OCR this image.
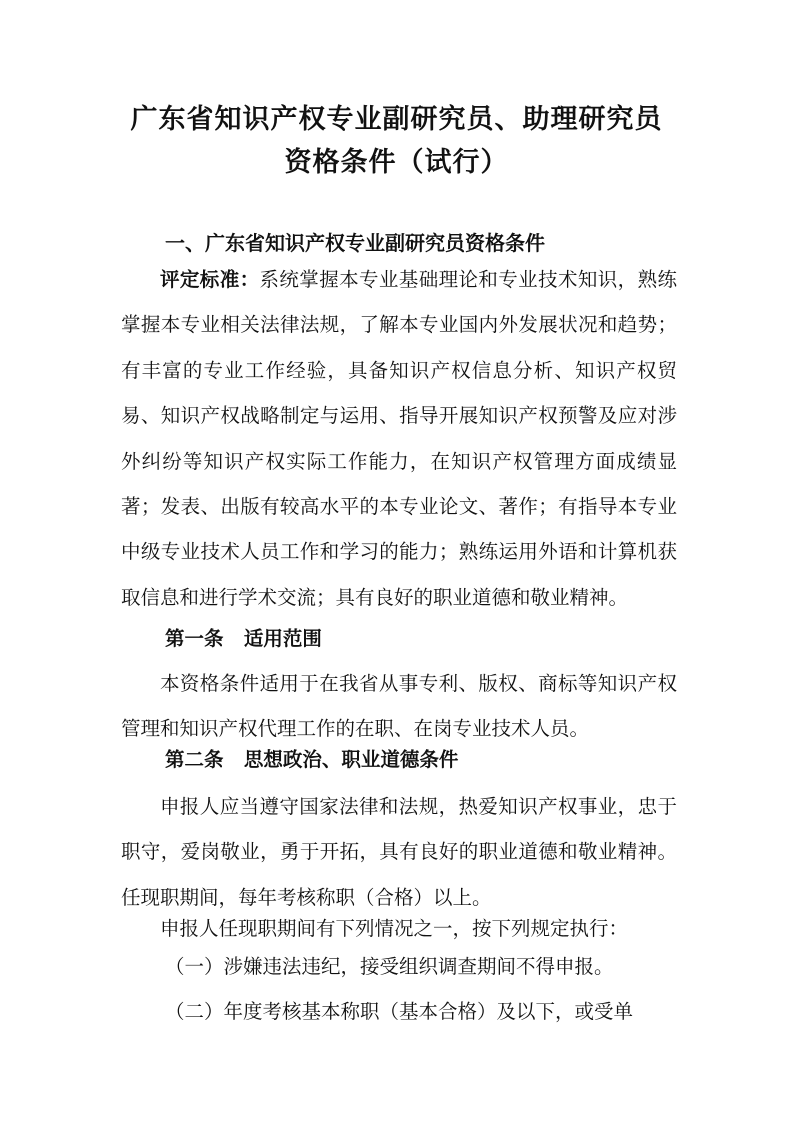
广东省知识产权专业副研究员、助理研究员
资格条件（试行）
一、广东省知识产权专业副研究员资格条件

评定标准：系统掌握本专业基础理论和专业技术知识，熟练掌握本专业相关法律法规，了解本专业国内外发展状况和趋势；有丰富的专业工作经验，具备知识产权信息分析、知识产权贸易、知识产权战略制定与运用、指导开展知识产权预警及应对涉外纠纷等知识产权实际工作能力，在知识产权管理方面成绩显著；发表、出版有较高水平的本专业论文、著作；有指导本专业中级专业技术人员工作和学习的能力；熟练运用外语和计算机获取信息和进行学术交流；具有良好的职业道德和敬业精神。

第一条   适用范围

本资格条件适用于在我省从事专利、版权、商标等知识产权管理和知识产权代理工作的在职、在岗专业技术人员。

第二条   思想政治、职业道德条件

申报人应当遵守国家法律和法规，热爱知识产权事业，忠于职守，爱岗敬业，勇于开拓，具有良好的职业道德和敬业精神。任现职期间，每年考核称职（合格）以上。

申报人任现职期间有下列情况之一，按下列规定执行：

（一）涉嫌违法违纪，接受组织调查期间不得申报。

（二）年度考核基本称职（基本合格）及以下，或受单
